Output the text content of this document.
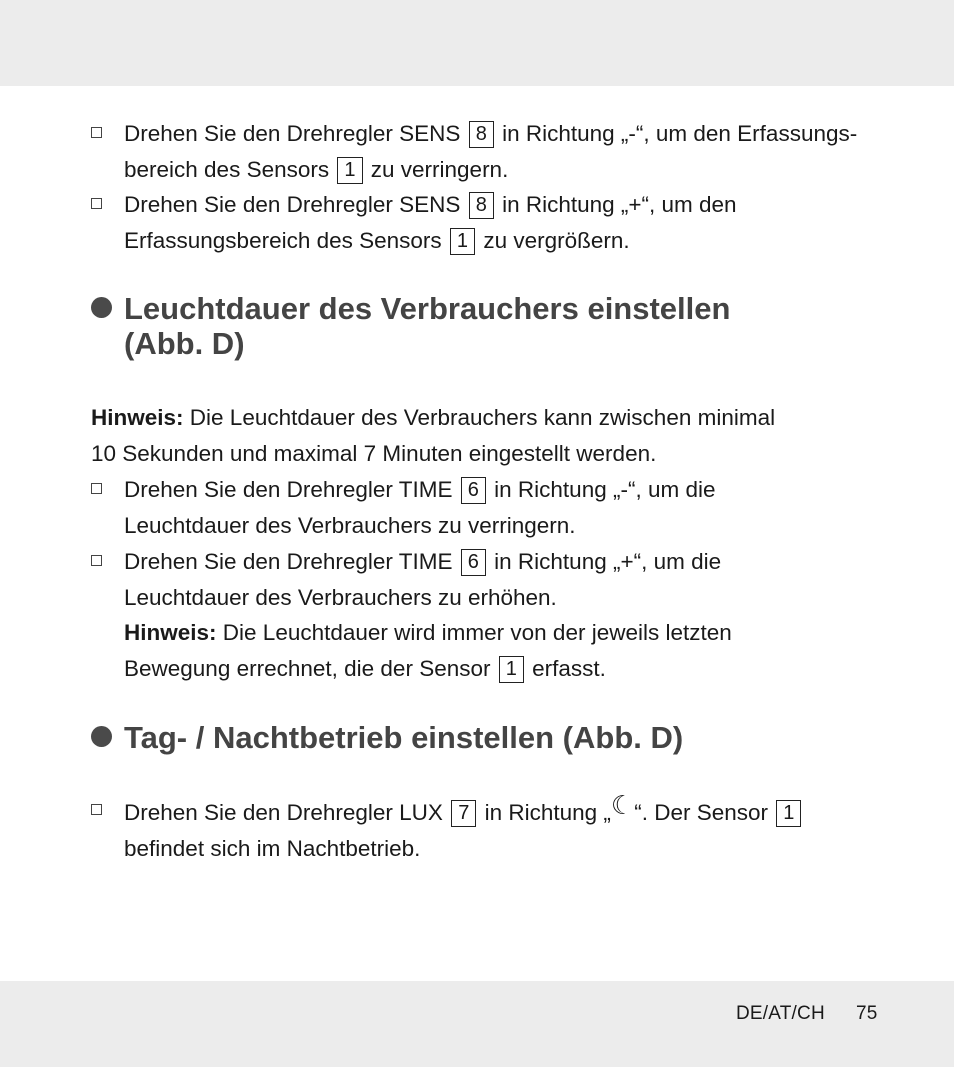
Drehen Sie den Drehregler SENS 8 in Richtung „-“, um den Erfassungs-
bereich des Sensors 1 zu verringern.
Drehen Sie den Drehregler SENS 8 in Richtung „+“, um den
Erfassungsbereich des Sensors 1 zu vergrößern.
Leuchtdauer des Verbrauchers einstellen
(Abb. D)
Hinweis: Die Leuchtdauer des Verbrauchers kann zwischen minimal
10 Sekunden und maximal 7 Minuten eingestellt werden.
Drehen Sie den Drehregler TIME 6 in Richtung „-“, um die
Leuchtdauer des Verbrauchers zu verringern.
Drehen Sie den Drehregler TIME 6 in Richtung „+“, um die
Leuchtdauer des Verbrauchers zu erhöhen.
Hinweis: Die Leuchtdauer wird immer von der jeweils letzten
Bewegung errechnet, die der Sensor 1 erfasst.
Tag- / Nachtbetrieb einstellen (Abb. D)
Drehen Sie den Drehregler LUX 7 in Richtung „☾“. Der Sensor 1
befindet sich im Nachtbetrieb.
DE/AT/CH 75
